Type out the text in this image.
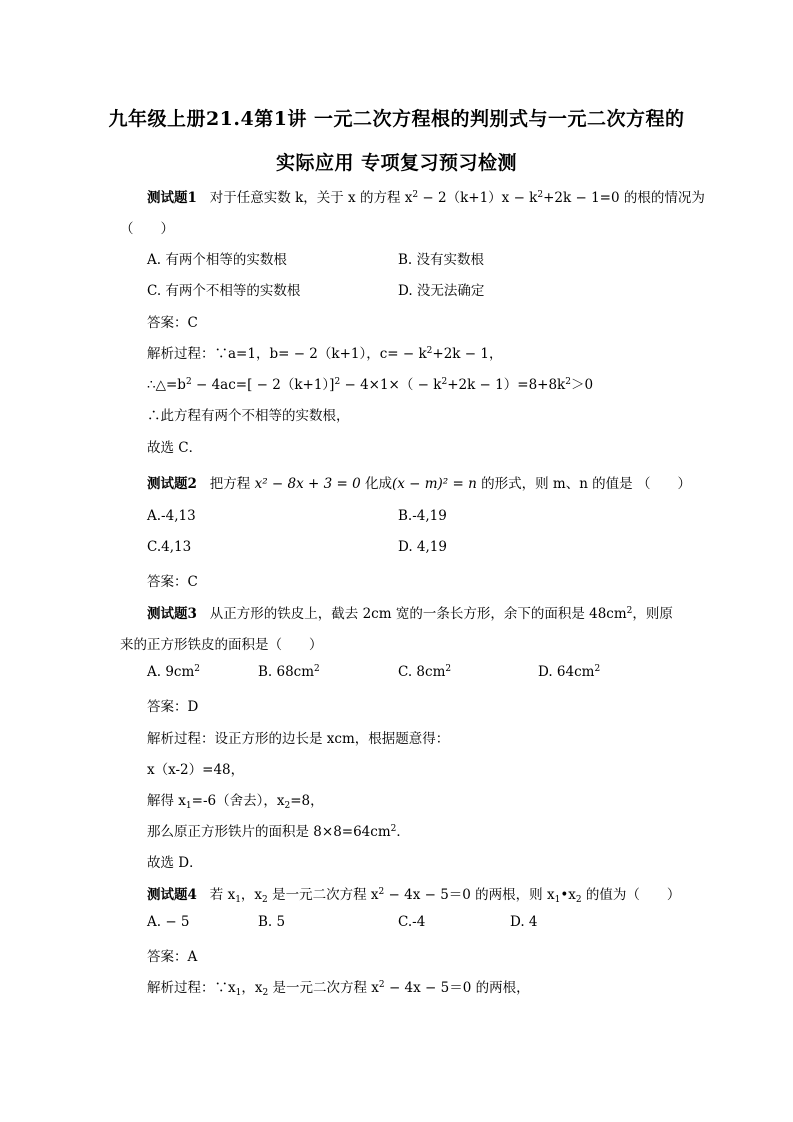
九年级上册21.4第1讲 一元二次方程根的判别式与一元二次方程的
实际应用 专项复习预习检测
测试题1 对于任意实数 k，关于 x 的方程 $x^2 - 2(k+1)x - k^2+2k - 1=0$ 的根的情况为
（　　）
A. 有两个相等的实数根	B. 没有实数根
C. 有两个不相等的实数根	D. 没无法确定
答案：C
解析过程：∵a=1，b= − 2（k+1），$c= - k^2+2k - 1$，
$\therefore\triangle=b^2 - 4ac=[ - 2(k+1)]^2 - 4\times 1\times( - k^2+2k - 1)=8+8k^2>0$
∴此方程有两个不相等的实数根，
故选 C．
测试题2 把方程 x² − 8x + 3 = 0 化成(x − m)² = n 的形式，则 m、n 的值是 （　　）
A.-4,13	B.-4,19
C.4,13	D. 4,19
答案：C
测试题3 从正方形的铁皮上，截去 2cm 宽的一条长方形，余下的面积是 $48cm^2$，则原
来的正方形铁皮的面积是（　　）
A. $9cm^2$	B. $68cm^2$	C. $8cm^2$	D. $64cm^2$
答案：D
解析过程：设正方形的边长是 xcm，根据题意得：
x（x-2）=48，
解得 $x_1=-6$（舍去），$x_2=8$，
那么原正方形铁片的面积是 $8\times 8=64cm^2$．
故选 D．
测试题4 若 $x_1$，$x_2$ 是一元二次方程 $x^2 - 4x - 5=0$ 的两根，则 $x_1•x_2$ 的值为（　　）
A. − 5	B. 5	C.-4	D. 4
答案：A
解析过程：$\because x_1$，$x_2$ 是一元二次方程 $x^2 - 4x - 5=0$ 的两根，
